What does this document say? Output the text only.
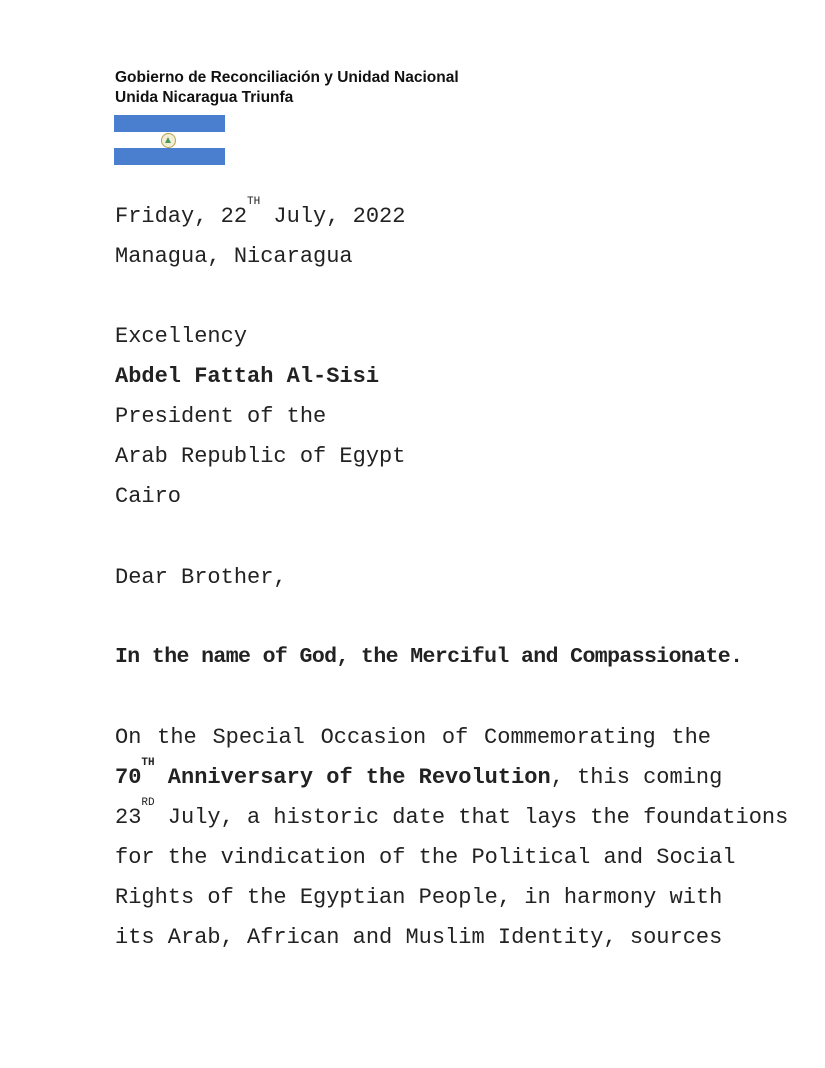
Gobierno de Reconciliación y Unidad Nacional
Unida Nicaragua Triunfa
Friday, 22TH July, 2022
Managua, Nicaragua
Excellency
Abdel Fattah Al-Sisi
President of the
Arab Republic of Egypt
Cairo
Dear Brother,
In the name of God, the Merciful and Compassionate.
On the Special Occasion of Commemorating the
70TH Anniversary of the Revolution, this coming
23RD July, a historic date that lays the foundations
for the vindication of the Political and Social
Rights of the Egyptian People, in harmony with
its Arab, African and Muslim Identity, sources
